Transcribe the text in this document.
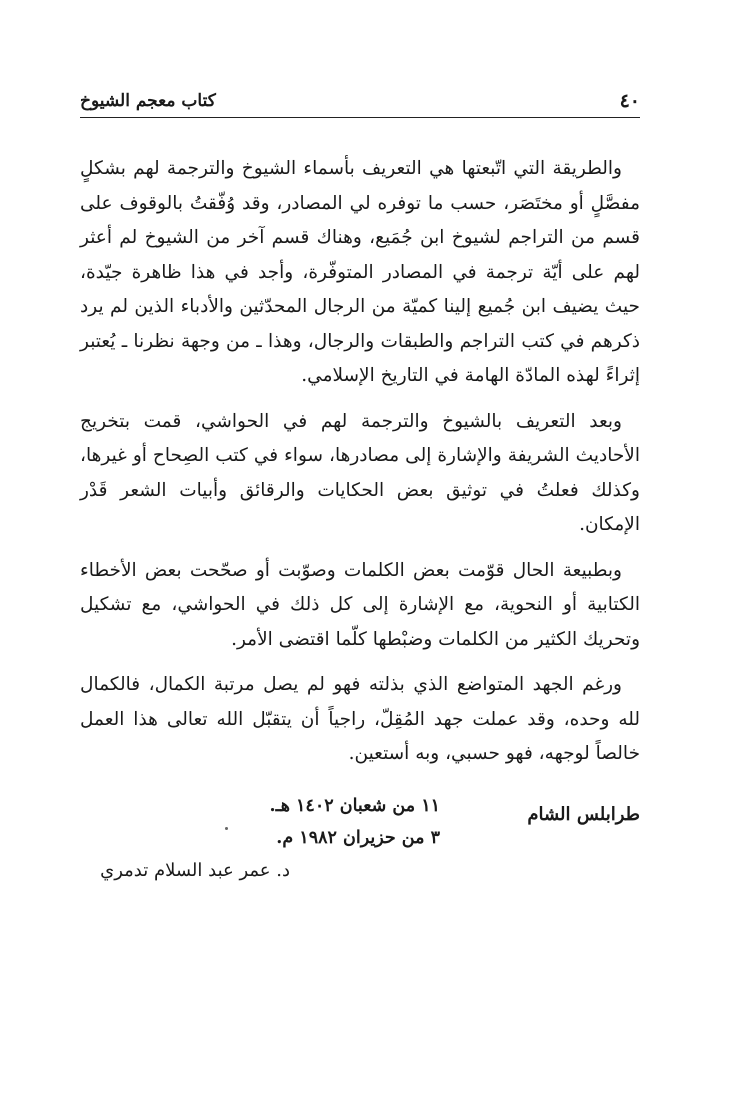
٤٠
كتاب معجم الشيوخ

والطريقة التي اتّبعتها هي التعريف بأسماء الشيوخ والترجمة لهم بشكلٍ مفصَّلٍ أو مختَصَر، حسب ما توفره لي المصادر، وقد وُفّقتُ بالوقوف على قسم من التراجم لشيوخ ابن جُمَيع، وهناك قسم آخر من الشيوخ لم أعثر لهم على أيّة ترجمة في المصادر المتوفّرة، وأجد في هذا ظاهرة جيّدة، حيث يضيف ابن جُميع إلينا كميّة من الرجال المحدّثين والأدباء الذين لم يرد ذكرهم في كتب التراجم والطبقات والرجال، وهذا ـ من وجهة نظرنا ـ يُعتبر إثراءً لهذه المادّة الهامة في التاريخ الإسلامي.

وبعد التعريف بالشيوخ والترجمة لهم في الحواشي، قمت بتخريج الأحاديث الشريفة والإشارة إلى مصادرها، سواء في كتب الصِحاح أو غيرها، وكذلك فعلتُ في توثيق بعض الحكايات والرقائق وأبيات الشعر قَدْر الإمكان.

وبطبيعة الحال قوّمت بعض الكلمات وصوّبت أو صحّحت بعض الأخطاء الكتابية أو النحوية، مع الإشارة إلى كل ذلك في الحواشي، مع تشكيل وتحريك الكثير من الكلمات وضبْطها كلّما اقتضى الأمر.

ورغم الجهد المتواضع الذي بذلته فهو لم يصل مرتبة الكمال، فالكمال لله وحده، وقد عملت جهد المُقِلّ، راجياً أن يتقبّل الله تعالى هذا العمل خالصاً لوجهه، فهو حسبي، وبه أستعين.

طرابلس الشام
١١ من شعبان ١٤٠٢ هـ.
٣ من حزيران ١٩٨٢ م.
د. عمر عبد السلام تدمري
